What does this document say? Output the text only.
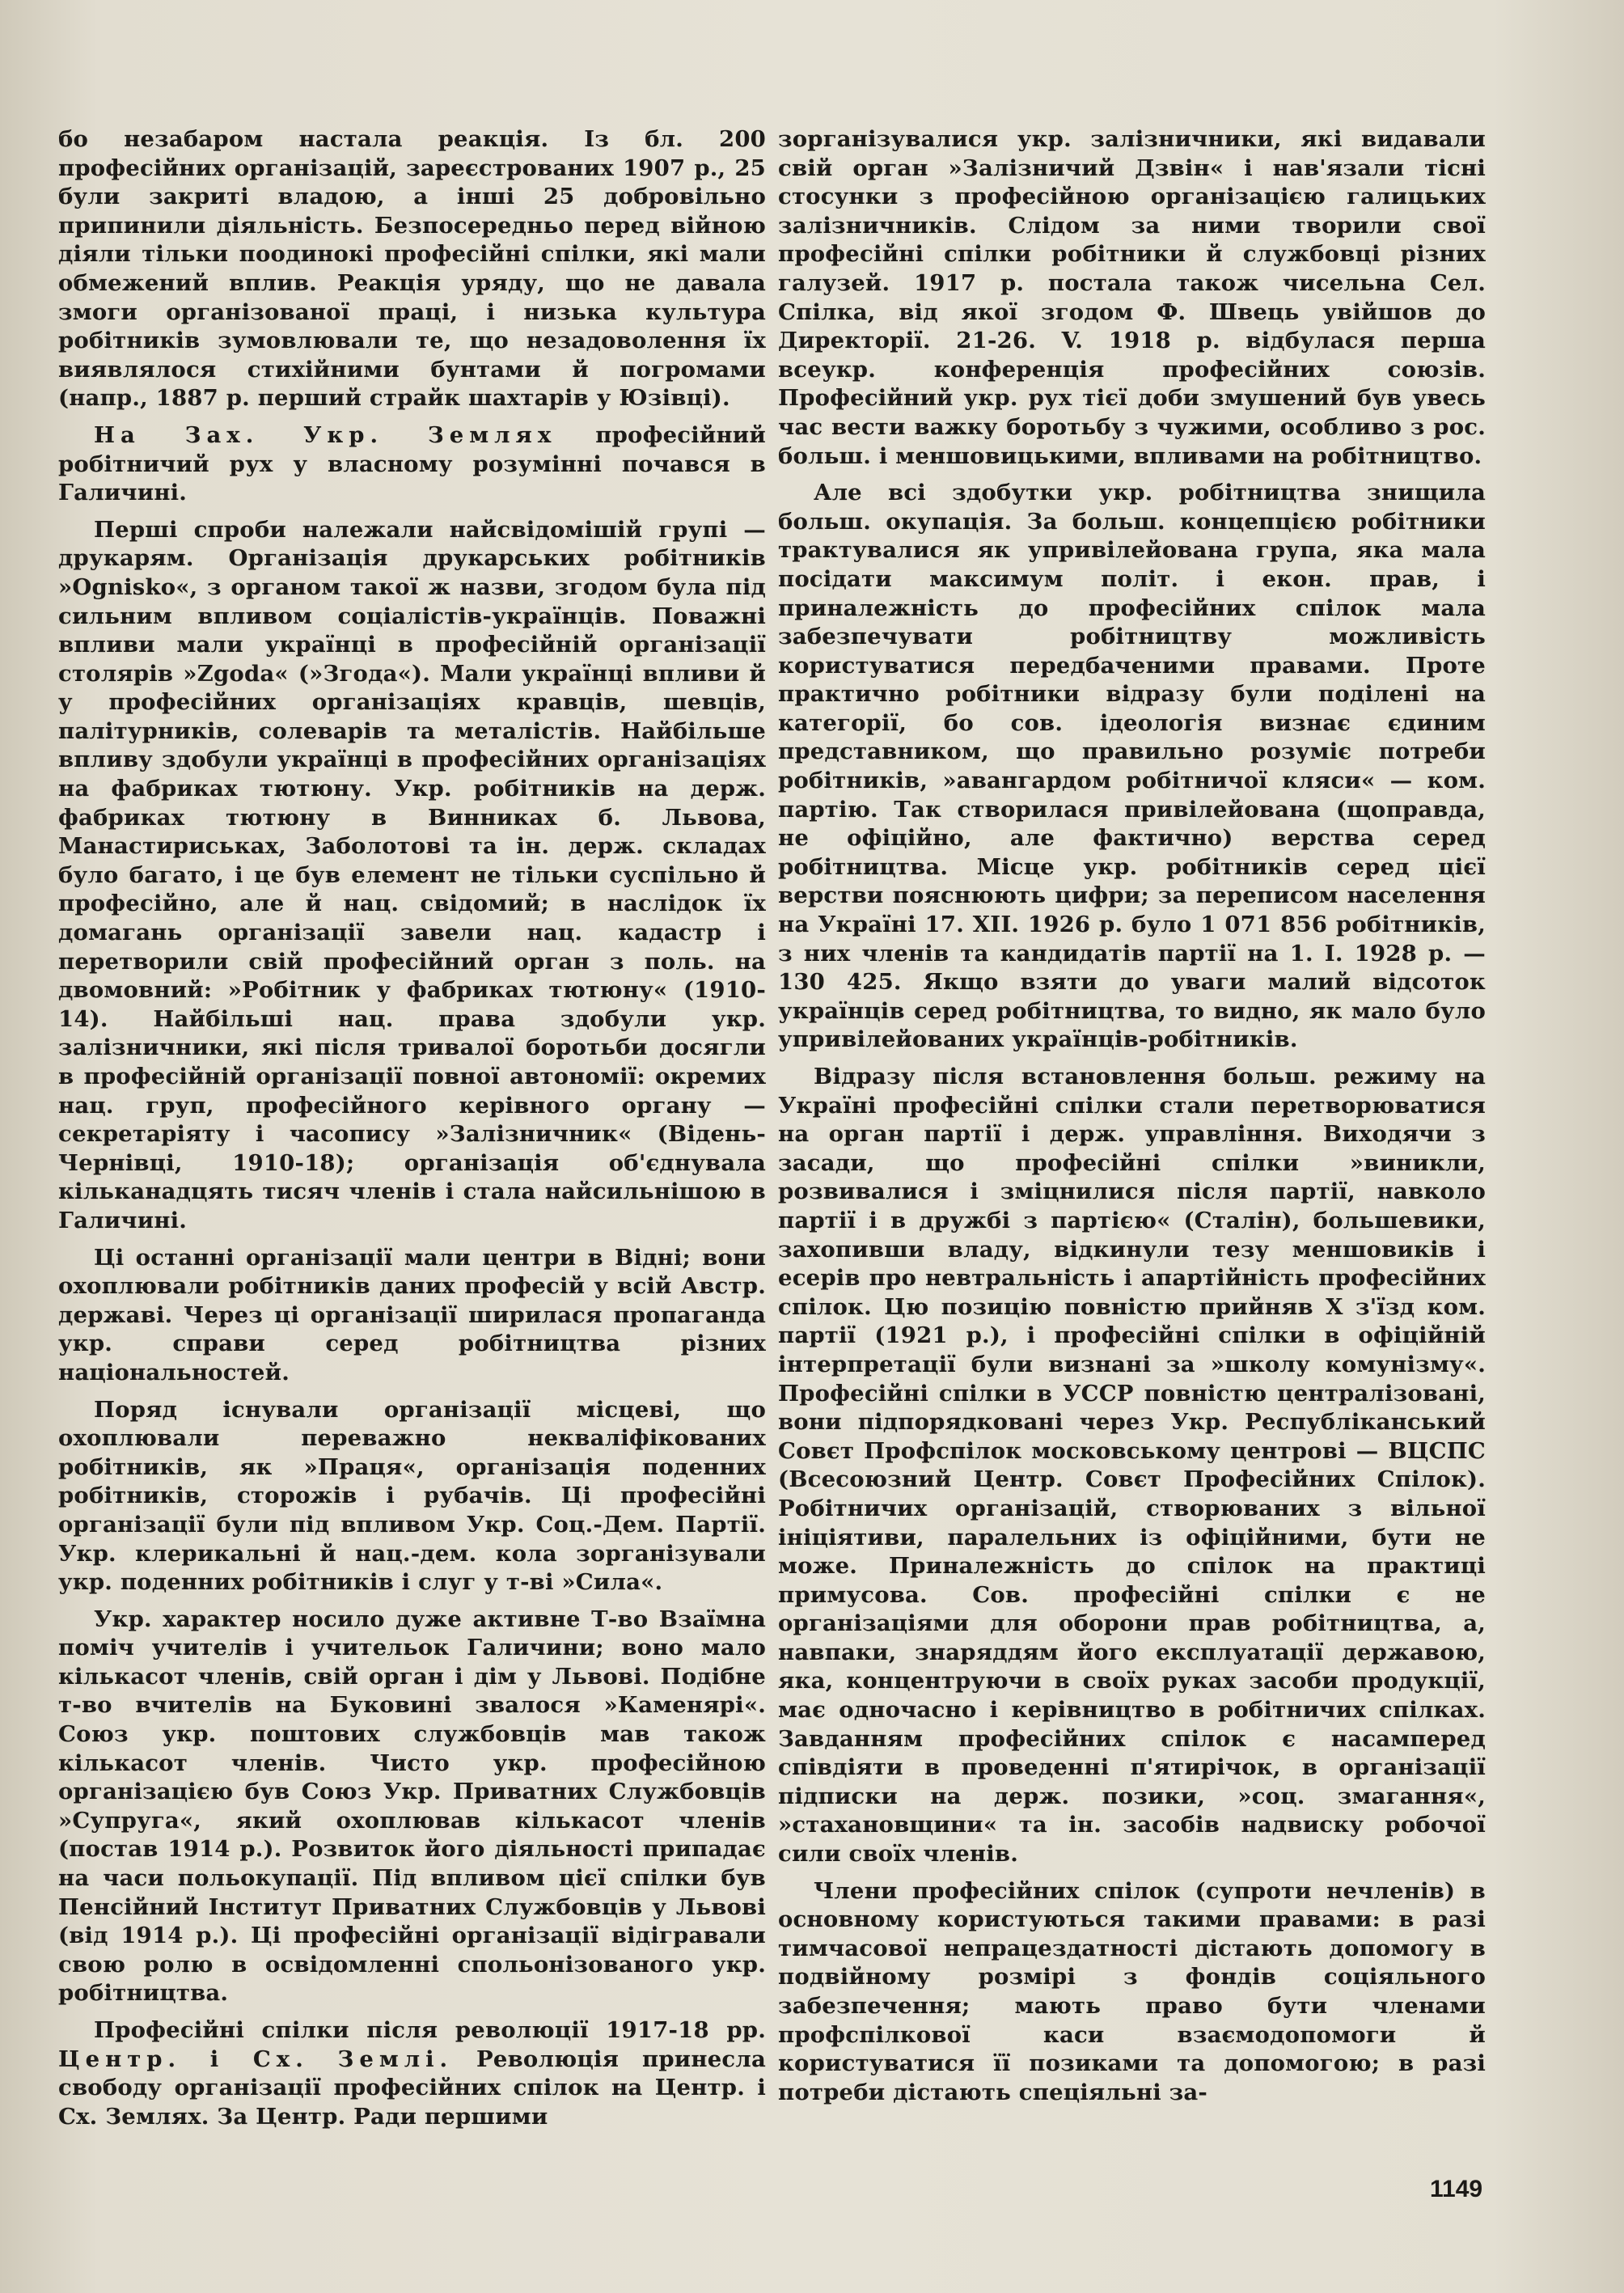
бо незабаром настала реакція. Із бл. 200 професійних організацій, зареєстрованих 1907 р., 25 були закриті владою, а інші 25 добровільно припинили діяльність. Безпосередньо перед війною діяли тільки поодинокі професійні спілки, які мали обмежений вплив. Реакція уряду, що не давала змоги організованої праці, і низька культура робітників зумовлювали те, що незадоволення їх виявлялося стихійними бунтами й погромами (напр., 1887 р. перший страйк шахтарів у Юзівці).

На Зах. Укр. Землях професійний робітничий рух у власному розумінні почався в Галичині.

Перші спроби належали найсвідомішій групі — друкарям. Організація друкарських робітників »Ognisko«, з органом такої ж назви, згодом була під сильним впливом соціалістів-українців. Поважні впливи мали українці в професійній організації столярів »Zgoda« (»Згода«). Мали українці впливи й у професійних організаціях кравців, шевців, палітурників, солеварів та металістів. Найбільше впливу здобули українці в професійних організаціях на фабриках тютюну. Укр. робітників на держ. фабриках тютюну в Винниках б. Львова, Манастириськах, Заболотові та ін. держ. складах було багато, і це був елемент не тільки суспільно й професійно, але й нац. свідомий; в наслідок їх домагань організації завели нац. кадастр і перетворили свій професійний орган з поль. на двомовний: »Робітник у фабриках тютюну« (1910-14). Найбільші нац. права здобули укр. залізничники, які після тривалої боротьби досягли в професійній організації повної автономії: окремих нац. груп, професійного керівного органу — секретаріяту і часопису »Залізничник« (Відень-Чернівці, 1910-18); організація об'єднувала кільканадцять тисяч членів і стала найсильнішою в Галичині.

Ці останні організації мали центри в Відні; вони охоплювали робітників даних професій у всій Австр. державі. Через ці організації ширилася пропаганда укр. справи серед робітництва різних національностей.

Поряд існували організації місцеві, що охоплювали переважно некваліфікованих робітників, як »Праця«, організація поденних робітників, сторожів і рубачів. Ці професійні організації були під впливом Укр. Соц.-Дем. Партії. Укр. клерикальні й нац.-дем. кола зорганізували укр. поденних робітників і слуг у т-ві »Сила«.

Укр. характер носило дуже активне Т-во Взаїмна поміч учителів і учительок Галичини; воно мало кількасот членів, свій орган і дім у Львові. Подібне т-во вчителів на Буковині звалося »Каменярі«. Союз укр. поштових службовців мав також кількасот членів. Чисто укр. професійною організацією був Союз Укр. Приватних Службовців »Супруга«, який охоплював кількасот членів (постав 1914 р.). Розвиток його діяльності припадає на часи польокупації. Під впливом цієї спілки був Пенсійний Інститут Приватних Службовців у Львові (від 1914 р.). Ці професійні організації відігравали свою ролю в освідомленні спольонізованого укр. робітництва.

Професійні спілки після революції 1917-18 рр. Центр. і Сх. Землі. Революція принесла свободу організації професійних спілок на Центр. і Сх. Землях. За Центр. Ради першими

зорганізувалися укр. залізничники, які видавали свій орган »Залізничий Дзвін« і нав'язали тісні стосунки з професійною організацією галицьких залізничників. Слідом за ними творили свої професійні спілки робітники й службовці різних галузей. 1917 р. постала також чисельна Сел. Спілка, від якої згодом Ф. Швець увійшов до Директорії. 21-26. V. 1918 р. відбулася перша всеукр. конференція професійних союзів. Професійний укр. рух тієї доби змушений був увесь час вести важку боротьбу з чужими, особливо з рос. больш. і меншовицькими, впливами на робітництво.

Але всі здобутки укр. робітництва знищила больш. окупація. За больш. концепцією робітники трактувалися як упривілейована група, яка мала посідати максимум політ. і екон. прав, і приналежність до професійних спілок мала забезпечувати робітництву можливість користуватися передбаченими правами. Проте практично робітники відразу були поділені на категорії, бо сов. ідеологія визнає єдиним представником, що правильно розуміє потреби робітників, »авангардом робітничої кляси« — ком. партію. Так створилася привілейована (щоправда, не офіційно, але фактично) верства серед робітництва. Місце укр. робітників серед цієї верстви пояснюють цифри; за переписом населення на Україні 17. XII. 1926 р. було 1 071 856 робітників, з них членів та кандидатів партії на 1. I. 1928 р. — 130 425. Якщо взяти до уваги малий відсоток українців серед робітництва, то видно, як мало було упривілейованих українців-робітників.

Відразу після встановлення больш. режиму на Україні професійні спілки стали перетворюватися на орган партії і держ. управління. Виходячи з засади, що професійні спілки »виникли, розвивалися і зміцнилися після партії, навколо партії і в дружбі з партією« (Сталін), большевики, захопивши владу, відкинули тезу меншовиків і есерів про невтральність і апартійність професійних спілок. Цю позицію повністю прийняв X з'їзд ком. партії (1921 р.), і професійні спілки в офіційній інтерпретації були визнані за »школу комунізму«. Професійні спілки в УССР повністю централізовані, вони підпорядковані через Укр. Республіканський Совєт Профспілок московському центрові — ВЦСПС (Всесоюзний Центр. Совєт Професійних Спілок). Робітничих організацій, створюваних з вільної ініціятиви, паралельних із офіційними, бути не може. Приналежність до спілок на практиці примусова. Сов. професійні спілки є не організаціями для оборони прав робітництва, а, навпаки, знаряддям його експлуатації державою, яка, концентруючи в своїх руках засоби продукції, має одночасно і керівництво в робітничих спілках. Завданням професійних спілок є насамперед співдіяти в проведенні п'ятирічок, в організації підписки на держ. позики, »соц. змагання«, »стахановщини« та ін. засобів надвиску робочої сили своїх членів.

Члени професійних спілок (супроти нечленів) в основному користуються такими правами: в разі тимчасової непрацездатності дістають допомогу в подвійному розмірі з фондів соціяльного забезпечення; мають право бути членами профспілкової каси взаємодопомоги й користуватися її позиками та допомогою; в разі потреби дістають спеціяльні за-

1149
